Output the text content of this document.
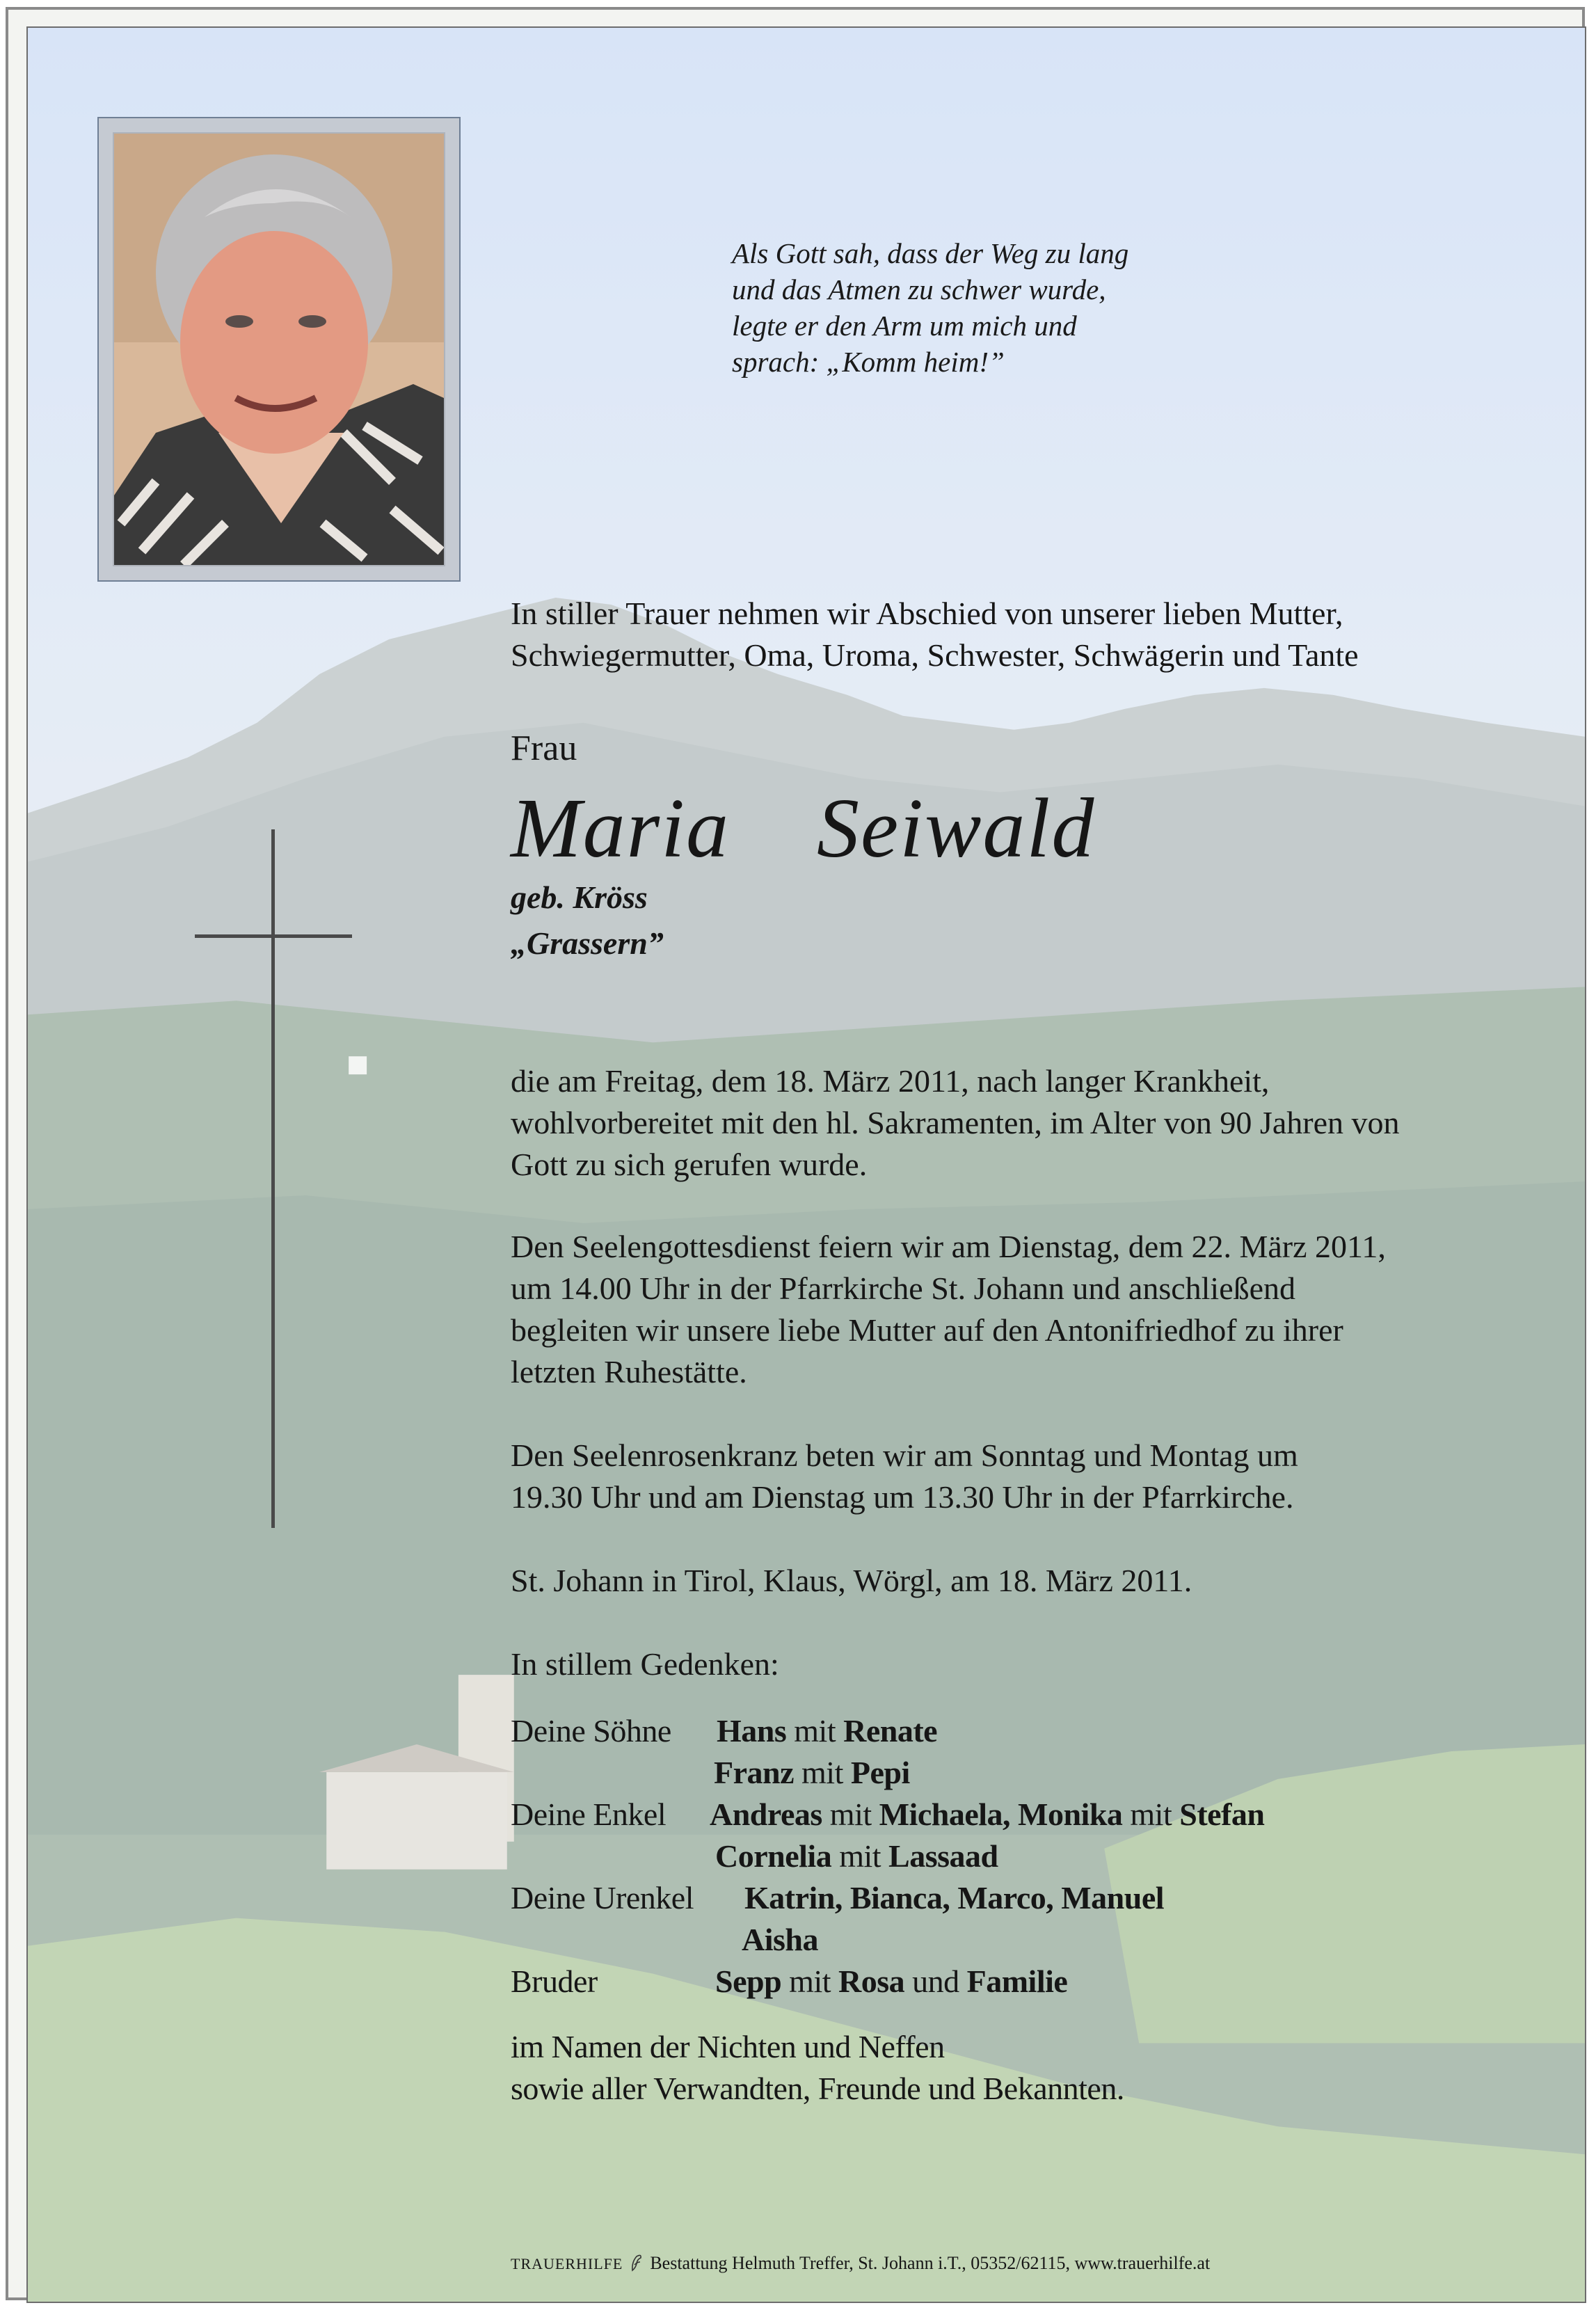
Als Gott sah, dass der Weg zu lang
und das Atmen zu schwer wurde,
legte er den Arm um mich und
sprach: „Komm heim!”
In stiller Trauer nehmen wir Abschied von unserer lieben Mutter,
Schwiegermutter, Oma, Uroma, Schwester, Schwägerin und Tante
Frau
Maria  Seiwald
geb. Kröss
„Grassern”
die am Freitag, dem 18. März 2011, nach langer Krankheit,
wohlvorbereitet mit den hl. Sakramenten, im Alter von 90 Jahren von
Gott zu sich gerufen wurde.
Den Seelengottesdienst feiern wir am Dienstag, dem 22. März 2011,
um 14.00 Uhr in der Pfarrkirche St. Johann und anschließend
begleiten wir unsere liebe Mutter auf den Antonifriedhof zu ihrer
letzten Ruhestätte.
Den Seelenrosenkranz beten wir am Sonntag und Montag um
19.30 Uhr und am Dienstag um 13.30 Uhr in der Pfarrkirche.
St. Johann in Tirol, Klaus, Wörgl, am 18. März 2011.
In stillem Gedenken:
Deine Söhne Hans mit Renate
Franz mit Pepi
Deine Enkel Andreas mit Michaela, Monika mit Stefan
Cornelia mit Lassaad
Deine Urenkel Katrin, Bianca, Marco, Manuel
Aisha
Bruder	Sepp mit Rosa und Familie
im Namen der Nichten und Neffen
sowie aller Verwandten, Freunde und Bekannten.
TRAUERHILFE Bestattung Helmuth Treffer, St. Johann i.T., 05352/62115, www.trauerhilfe.at
